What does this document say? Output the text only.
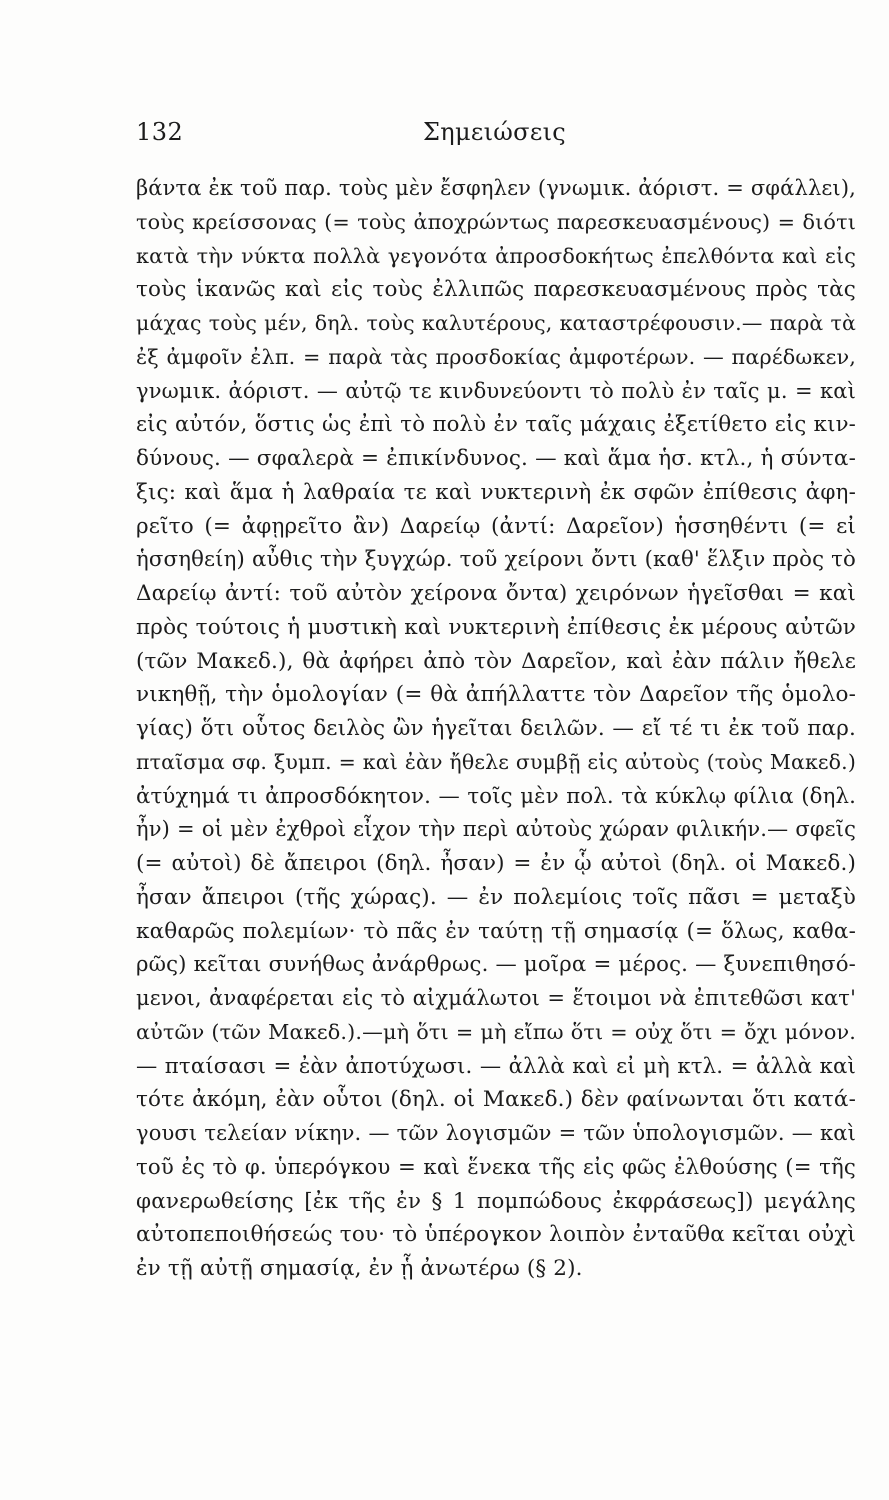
132	Σημειώσεις
βάντα ἐκ τοῦ παρ. τοὺς μὲν ἔσφηλεν (γνωμικ. ἀόριστ. = σφάλλει),
τοὺς κρείσσονας (= τοὺς ἀποχρώντως παρεσκευασμένους) = διότι
κατὰ τὴν νύκτα πολλὰ γεγονότα ἀπροσδοκήτως ἐπελθόντα καὶ εἰς
τοὺς ἱκανῶς καὶ εἰς τοὺς ἐλλιπῶς παρεσκευασμένους πρὸς τὰς
μάχας τοὺς μέν, δηλ. τοὺς καλυτέρους, καταστρέφουσιν.— παρὰ τὰ
ἐξ ἀμφοῖν ἐλπ. = παρὰ τὰς προσδοκίας ἀμφοτέρων. — παρέδωκεν,
γνωμικ. ἀόριστ. — αὐτῷ τε κινδυνεύοντι τὸ πολὺ ἐν ταῖς μ. = καὶ
εἰς αὐτόν, ὅστις ὡς ἐπὶ τὸ πολὺ ἐν ταῖς μάχαις ἐξετίθετο εἰς κιν-
δύνους. — σφαλερὰ = ἐπικίνδυνος. — καὶ ἅμα ἡσ. κτλ., ἡ σύντα-
ξις: καὶ ἅμα ἡ λαθραία τε καὶ νυκτερινὴ ἐκ σφῶν ἐπίθεσις ἀφη-
ρεῖτο (= ἀφῃρεῖτο ἂν) Δαρείῳ (ἀντί: Δαρεῖον) ἡσσηθέντι (= εἰ
ἡσσηθείη) αὖθις τὴν ξυγχώρ. τοῦ χείρονι ὄντι (καθ' ἕλξιν πρὸς τὸ
Δαρείῳ ἀντί: τοῦ αὐτὸν χείρονα ὄντα) χειρόνων ἡγεῖσθαι = καὶ
πρὸς τούτοις ἡ μυστικὴ καὶ νυκτερινὴ ἐπίθεσις ἐκ μέρους αὐτῶν
(τῶν Μακεδ.), θὰ ἀφήρει ἀπὸ τὸν Δαρεῖον, καὶ ἐὰν πάλιν ἤθελε
νικηθῇ, τὴν ὁμολογίαν (= θὰ ἀπήλλαττε τὸν Δαρεῖον τῆς ὁμολο-
γίας) ὅτι οὗτος δειλὸς ὢν ἡγεῖται δειλῶν. — εἴ τέ τι ἐκ τοῦ παρ.
πταῖσμα σφ. ξυμπ. = καὶ ἐὰν ἤθελε συμβῇ εἰς αὐτοὺς (τοὺς Μακεδ.)
ἀτύχημά τι ἀπροσδόκητον. — τοῖς μὲν πολ. τὰ κύκλῳ φίλια (δηλ.
ἦν) = οἱ μὲν ἐχθροὶ εἶχον τὴν περὶ αὐτοὺς χώραν φιλικήν.— σφεῖς
(= αὐτοὶ) δὲ ἄπειροι (δηλ. ἦσαν) = ἐν ᾧ αὐτοὶ (δηλ. οἱ Μακεδ.)
ἦσαν ἄπειροι (τῆς χώρας). — ἐν πολεμίοις τοῖς πᾶσι = μεταξὺ
καθαρῶς πολεμίων· τὸ πᾶς ἐν ταύτῃ τῇ σημασίᾳ (= ὅλως, καθα-
ρῶς) κεῖται συνήθως ἀνάρθρως. — μοῖρα = μέρος. — ξυνεπιθησό-
μενοι, ἀναφέρεται εἰς τὸ αἰχμάλωτοι = ἕτοιμοι νὰ ἐπιτεθῶσι κατ'
αὐτῶν (τῶν Μακεδ.).—μὴ ὅτι = μὴ εἴπω ὅτι = οὐχ ὅτι = ὄχι μόνον.
— πταίσασι = ἐὰν ἀποτύχωσι. — ἀλλὰ καὶ εἰ μὴ κτλ. = ἀλλὰ καὶ
τότε ἀκόμη, ἐὰν οὗτοι (δηλ. οἱ Μακεδ.) δὲν φαίνωνται ὅτι κατά-
γουσι τελείαν νίκην. — τῶν λογισμῶν = τῶν ὑπολογισμῶν. — καὶ
τοῦ ἐς τὸ φ. ὑπερόγκου = καὶ ἕνεκα τῆς εἰς φῶς ἐλθούσης (= τῆς
φανερωθείσης [ἐκ τῆς ἐν § 1 πομπώδους ἐκφράσεως]) μεγάλης
αὐτοπεποιθήσεώς του· τὸ ὑπέρογκον λοιπὸν ἐνταῦθα κεῖται οὐχὶ
ἐν τῇ αὐτῇ σημασίᾳ, ἐν ᾗ ἀνωτέρω (§ 2).
